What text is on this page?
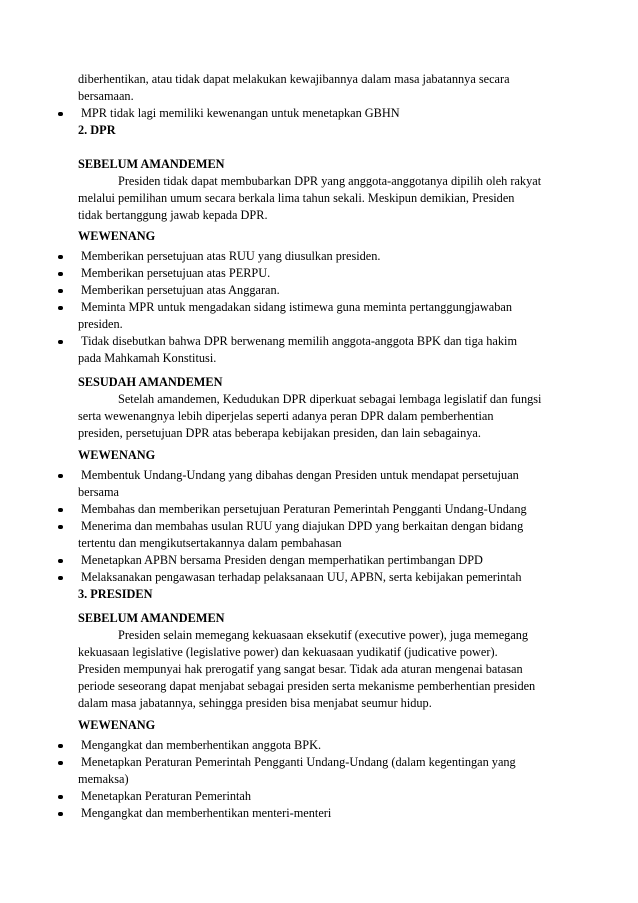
diberhentikan, atau tidak dapat melakukan kewajibannya dalam masa jabatannya secara
bersamaan.
MPR tidak lagi memiliki kewenangan untuk menetapkan GBHN
2. DPR
SEBELUM AMANDEMEN
Presiden tidak dapat membubarkan DPR yang anggota-anggotanya dipilih oleh rakyat
melalui pemilihan umum secara berkala lima tahun sekali. Meskipun demikian, Presiden
tidak bertanggung jawab kepada DPR.
WEWENANG
Memberikan persetujuan atas RUU yang diusulkan presiden.
Memberikan persetujuan atas PERPU.
Memberikan persetujuan atas Anggaran.
Meminta MPR untuk mengadakan sidang istimewa guna meminta pertanggungjawaban
presiden.
Tidak disebutkan bahwa DPR berwenang memilih anggota-anggota BPK dan tiga hakim
pada Mahkamah Konstitusi.
SESUDAH AMANDEMEN
Setelah amandemen, Kedudukan DPR diperkuat sebagai lembaga legislatif dan fungsi
serta wewenangnya lebih diperjelas seperti adanya peran DPR dalam pemberhentian
presiden, persetujuan DPR atas beberapa kebijakan presiden, dan lain sebagainya.
WEWENANG
Membentuk Undang-Undang yang dibahas dengan Presiden untuk mendapat persetujuan
bersama
Membahas dan memberikan persetujuan Peraturan Pemerintah Pengganti Undang-Undang
Menerima dan membahas usulan RUU yang diajukan DPD yang berkaitan dengan bidang
tertentu dan mengikutsertakannya dalam pembahasan
Menetapkan APBN bersama Presiden dengan memperhatikan pertimbangan DPD
Melaksanakan pengawasan terhadap pelaksanaan UU, APBN, serta kebijakan pemerintah
3. PRESIDEN
SEBELUM AMANDEMEN
Presiden selain memegang kekuasaan eksekutif (executive power), juga memegang
kekuasaan legislative (legislative power) dan kekuasaan yudikatif (judicative power).
Presiden mempunyai hak prerogatif yang sangat besar. Tidak ada aturan mengenai batasan
periode seseorang dapat menjabat sebagai presiden serta mekanisme pemberhentian presiden
dalam masa jabatannya, sehingga presiden bisa menjabat seumur hidup.
WEWENANG
Mengangkat dan memberhentikan anggota BPK.
Menetapkan Peraturan Pemerintah Pengganti Undang-Undang (dalam kegentingan yang
memaksa)
Menetapkan Peraturan Pemerintah
Mengangkat dan memberhentikan menteri-menteri
